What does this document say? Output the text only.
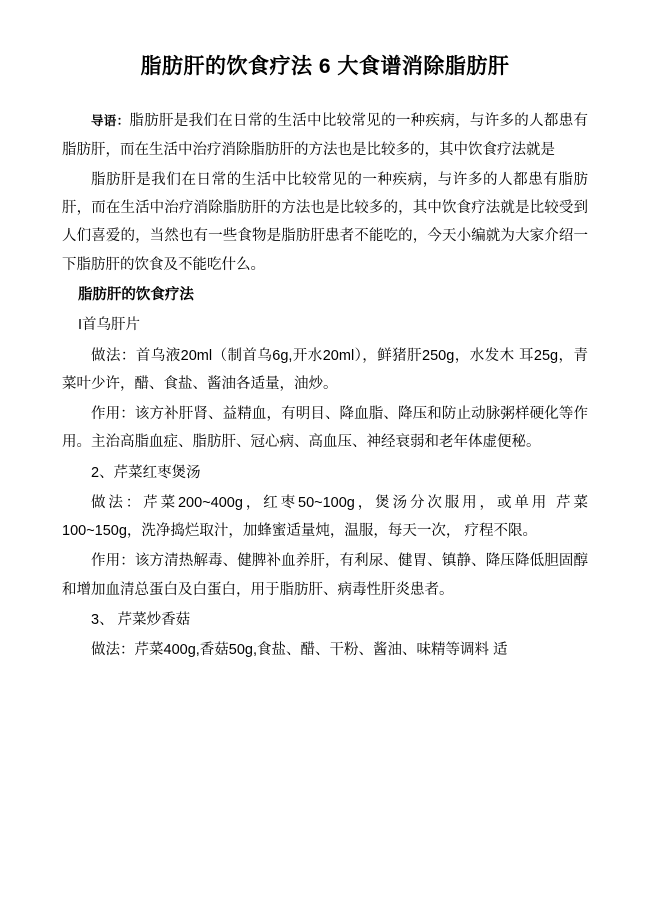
脂肪肝的饮食疗法 6 大食谱消除脂肪肝

导语：脂肪肝是我们在日常的生活中比较常见的一种疾病，与许多的人都患有脂肪肝，而在生活中治疗消除脂肪肝的方法也是比较多的，其中饮食疗法就是

脂肪肝是我们在日常的生活中比较常见的一种疾病，与许多的人都患有脂肪肝，而在生活中治疗消除脂肪肝的方法也是比较多的，其中饮食疗法就是比较受到人们喜爱的，当然也有一些食物是脂肪肝患者不能吃的，今天小编就为大家介绍一下脂肪肝的饮食及不能吃什么。

脂肪肝的饮食疗法

I首乌肝片

做法：首乌液20ml（制首乌6g,开水20ml），鲜猪肝250g，水发木 耳25g，青菜叶少许，醋、食盐、酱油各适量，油炒。

作用：该方补肝肾、益精血，有明目、降血脂、降压和防止动脉粥样硬化等作用。主治高脂血症、脂肪肝、冠心病、高血压、神经衰弱和老年体虚便秘。

2、芹菜红枣煲汤

做法：芹菜200~400g，红枣50~100g，煲汤分次服用，或单用 芹菜100~150g，洗净捣烂取汁，加蜂蜜适量炖，温服，每天一次， 疗程不限。

作用：该方清热解毒、健脾补血养肝，有利尿、健胃、镇静、降压降低胆固醇和增加血清总蛋白及白蛋白，用于脂肪肝、病毒性肝炎患者。

3、 芹菜炒香菇

做法：芹菜400g,香菇50g,食盐、醋、干粉、酱油、味精等调料 适
